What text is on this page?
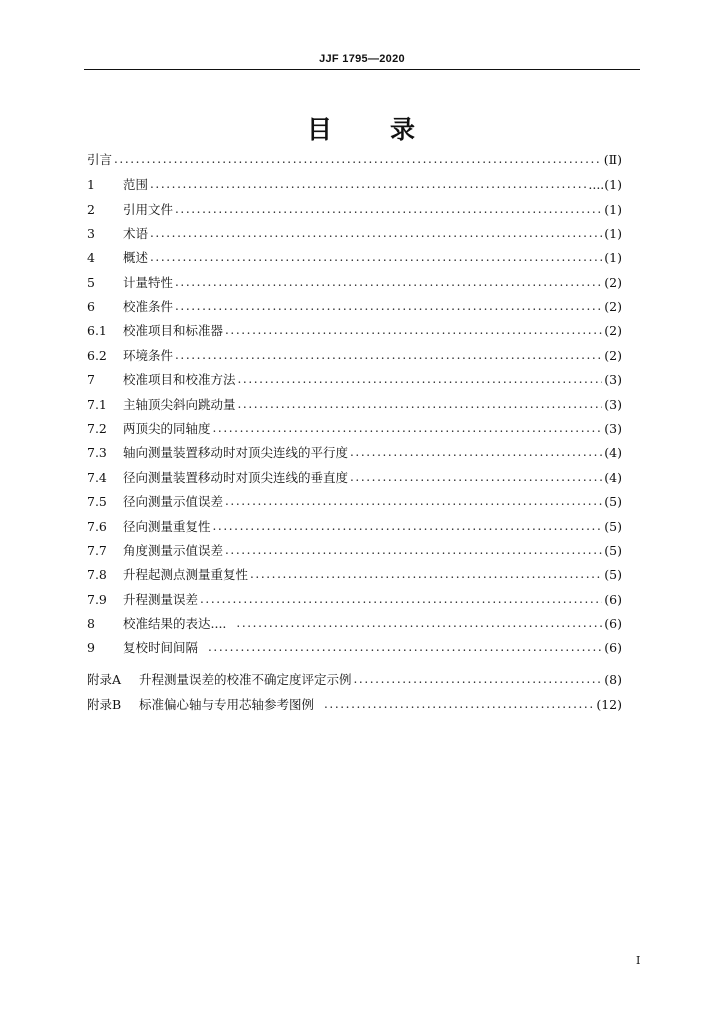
JJF 1795—2020
目 录
引言 .....	(Ⅱ)
1	范围 .....	....(1)
2	引用文件 .....	(1)
3	术语 .....	(1)
4	概述 .....	(1)
5	计量特性 .....	(2)
6	校准条件 .....	(2)
6.1	校准项目和标准器 .....	(2)
6.2	环境条件 .....	(2)
7	校准项目和校准方法 .....	(3)
7.1	主轴顶尖斜向跳动量 .....	(3)
7.2	两顶尖的同轴度 .....	(3)
7.3	轴向测量装置移动时对顶尖连线的平行度 .....	(4)
7.4	径向测量装置移动时对顶尖连线的垂直度 .....	(4)
7.5	径向测量示值误差 .....	(5)
7.6	径向测量重复性 .....	(5)
7.7	角度测量示值误差 .....	(5)
7.8	升程起测点测量重复性 .....	(5)
7.9	升程测量误差 .....	(6)
8	校准结果的表达.... .....	(6)
9	复校时间间隔 .....	(6)
附录A	升程测量误差的校准不确定度评定示例 .....	(8)
附录B	标准偏心轴与专用芯轴参考图例 .....	(12)
I
